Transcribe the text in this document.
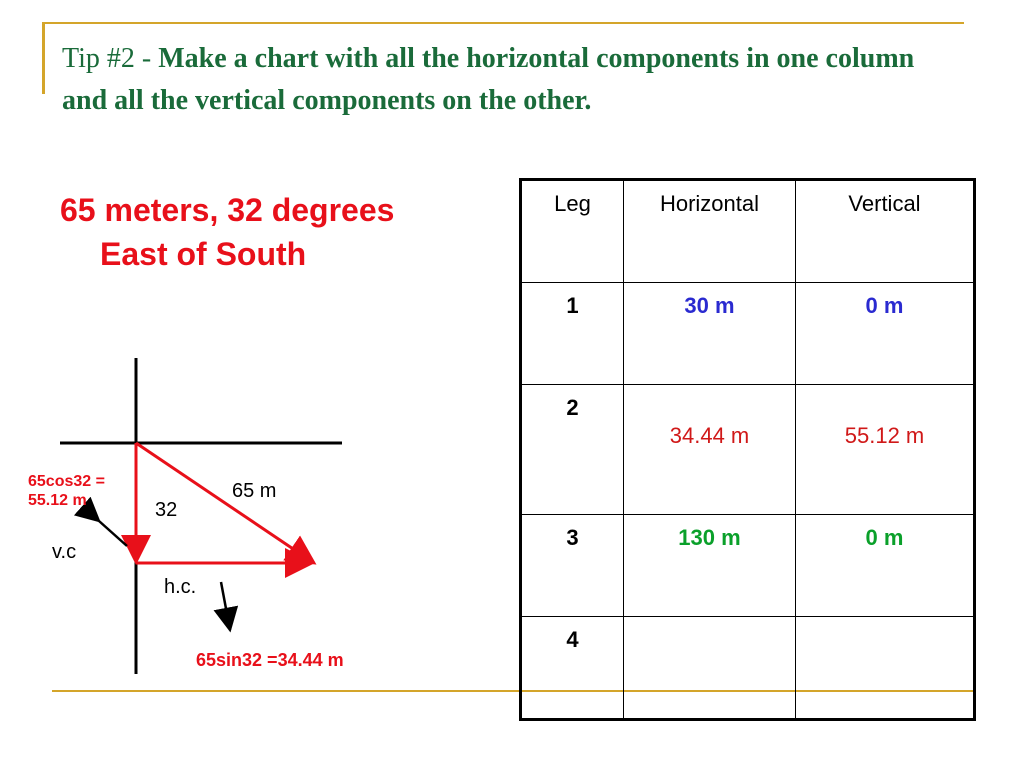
Tip #2 - Make a chart with all the horizontal components in one column and all the vertical components on the other.
65 meters, 32 degrees
East of South
65cos32 =
55.12 m	65 m
32
v.c
h.c.
65sin32 =34.44 m
Leg	Horizontal	Vertical
1	30 m	0 m
2	34.44 m	55.12 m
3	130 m	0 m
4		
